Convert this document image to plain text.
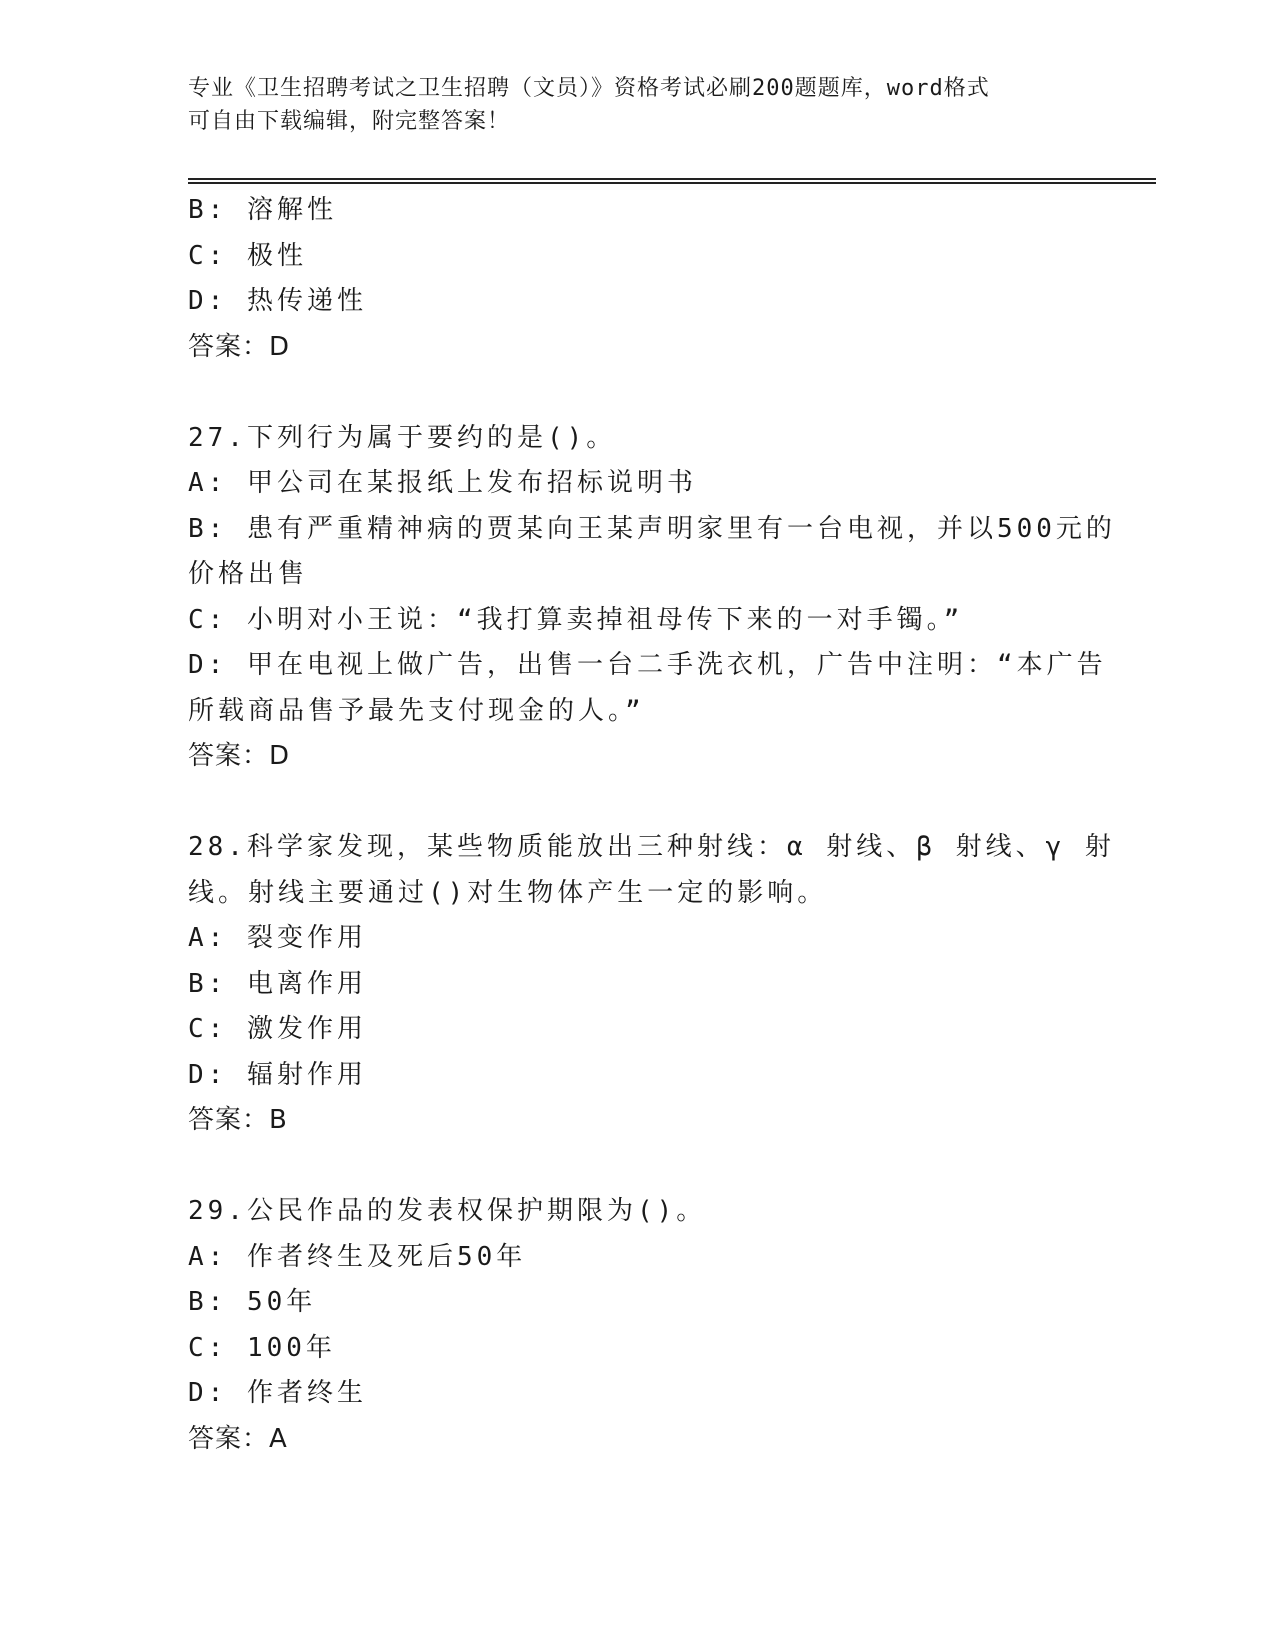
专业《卫生招聘考试之卫生招聘（文员）》资格考试必刷200题题库，word格式
可自由下载编辑，附完整答案！
B: 溶解性
C: 极性
D: 热传递性
答案：D
27.下列行为属于要约的是()。
A: 甲公司在某报纸上发布招标说明书
B: 患有严重精神病的贾某向王某声明家里有一台电视，并以500元的
价格出售
C: 小明对小王说：“我打算卖掉祖母传下来的一对手镯。”
D: 甲在电视上做广告，出售一台二手洗衣机，广告中注明：“本广告
所载商品售予最先支付现金的人。”
答案：D
28.科学家发现，某些物质能放出三种射线：α 射线、β 射线、γ 射
线。射线主要通过()对生物体产生一定的影响。
A: 裂变作用
B: 电离作用
C: 激发作用
D: 辐射作用
答案：B
29.公民作品的发表权保护期限为()。
A: 作者终生及死后50年
B: 50年
C: 100年
D: 作者终生
答案：A
